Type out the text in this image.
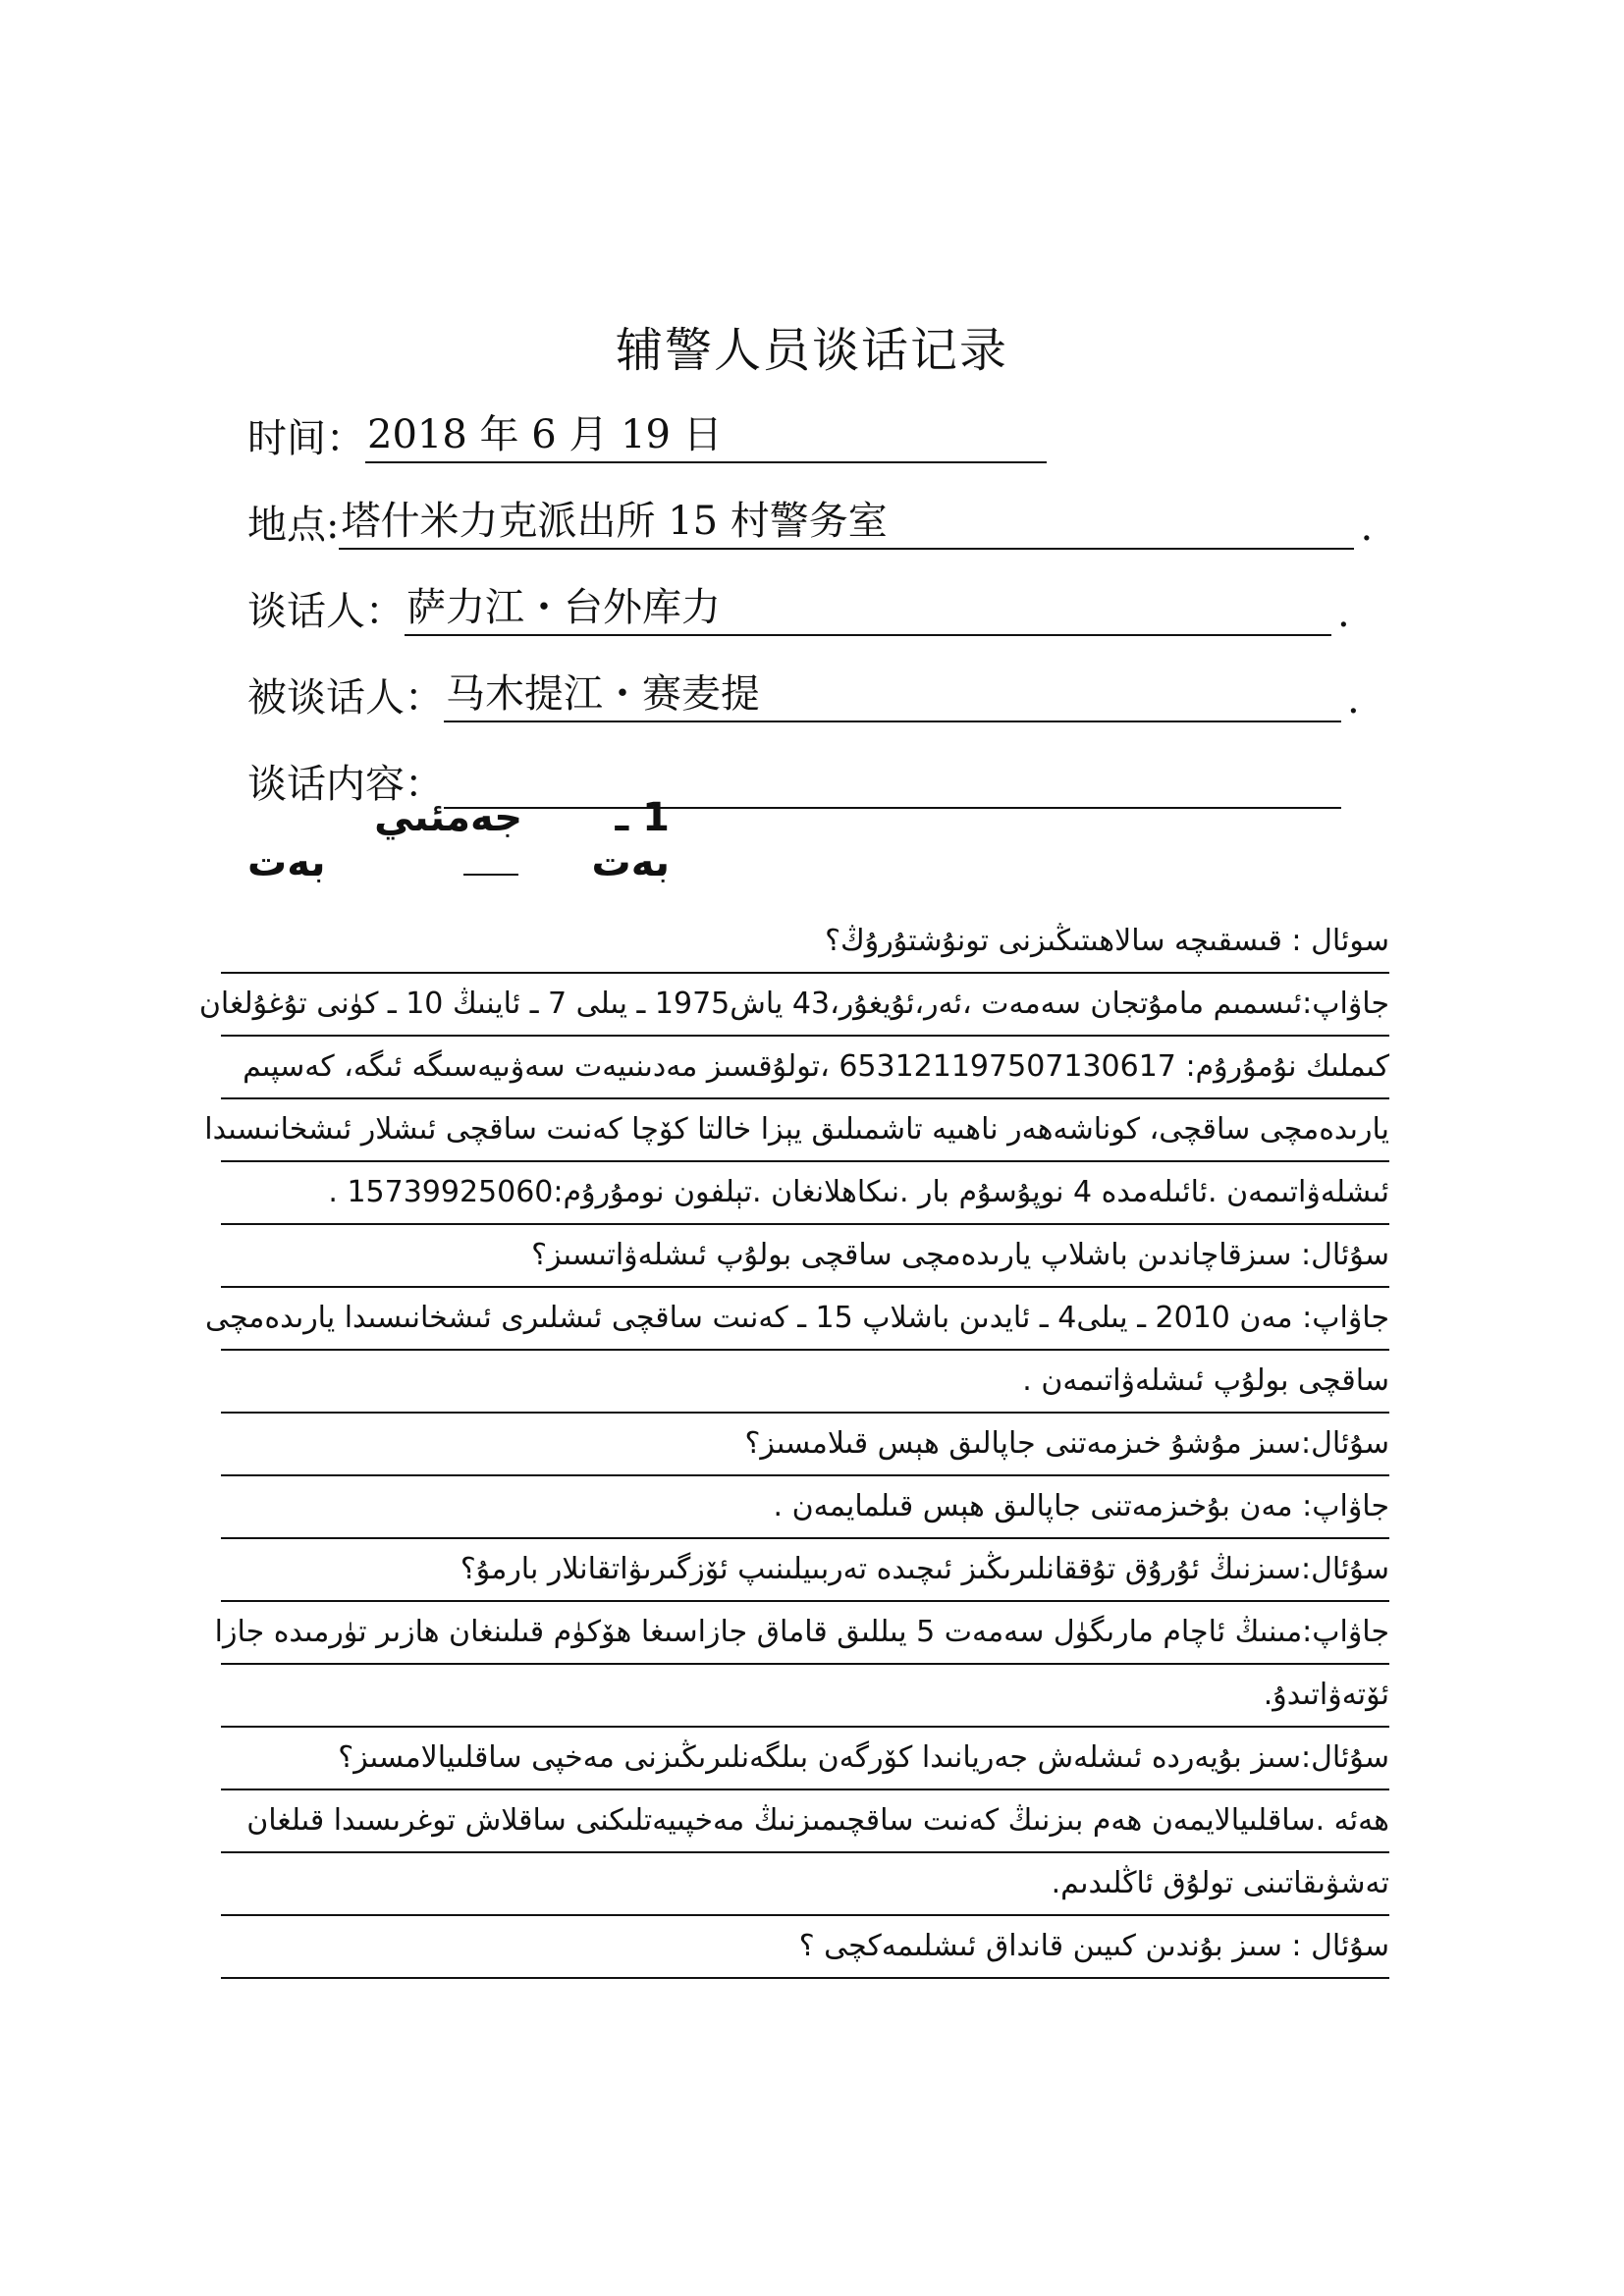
辅警人员谈话记录
时间： 2018 年 6 月 19 日
地点: 塔什米力克派出所 15 村警务室	.
谈话人： 萨力江・台外库力	.
被谈话人： 马木提江・赛麦提	.
谈话内容：
1 ـ بەت
جەمئىي
بەت
سوئال : قىسقىچە سالاھىتىڭىزنى تونۇشتۇرۇڭ؟
جاۋاپ:ئىسمىم مامۇتجان سەمەت ،ئەر،ئۇيغۇر،43 ياش1975 ـ يىلى 7 ـ ئاينىڭ 10 ـ كۈنى تۇغۇلغان
كىملىك نۇمۇرۇم: 653121197507130617 ،تولۇقسىز مەدىنىيەت سەۋىيەسىگە ئىگە، كەسپىم
يارىدەمچى ساقچى، كوناشەھەر ناھىيە تاشمىلىق يېزا خالتا كۆچا كەنىت ساقچى ئىشلار ئىشخانىسىدا
ئىشلەۋاتىمەن .ئائىلەمدە 4 نوپۇسۇم بار .نىكاھلانغان .تېلفون نومۇرۇم:15739925060 .
سۇئال: سىزقاچاندىن باشلاپ يارىدەمچى ساقچى بولۇپ ئىشلەۋاتىسىز؟
جاۋاپ: مەن 2010 ـ يىلى4 ـ ئايدىن باشلاپ 15 ـ كەنىت ساقچى ئىشلىرى ئىشخانىسىدا يارىدەمچى
ساقچى بولۇپ ئىشلەۋاتىمەن .
سۇئال:سىز مۇشۇ خىزمەتنى جاپالىق ھېس قىلامسىز؟
جاۋاپ: مەن بۇخىزمەتنى جاپالىق ھېس قىلمايمەن .
سۇئال:سىزنىڭ ئۇرۇق تۇققانلىرىڭىز ئىچىدە تەربىيلىنىپ ئۆزگىرىۋاتقانلار بارمۇ؟
جاۋاپ:مىنىڭ ئاچام مارىگۈل سەمەت 5 يىللىق قاماق جازاسىغا ھۆكۈم قىلىنغان ھازىر تۈرمىدە جازا
ئۆتەۋاتىدۇ.
سۇئال:سىز بۇيەردە ئىشلەش جەريانىدا كۆرگەن بىلگەنلىرىڭىزنى مەخپى ساقلىيالامسىز؟
ھەئە .ساقلىيالايمەن ھەم بىزنىڭ كەنىت ساقچىمىزنىڭ مەخپىيەتلىكنى ساقلاش توغرىسىدا قىلغان
تەشۋىقاتىنى تولۇق ئاڭلىدىم.
سۇئال : سىز بۇندىن كىيىن قانداق ئىشلىمەكچى ؟
